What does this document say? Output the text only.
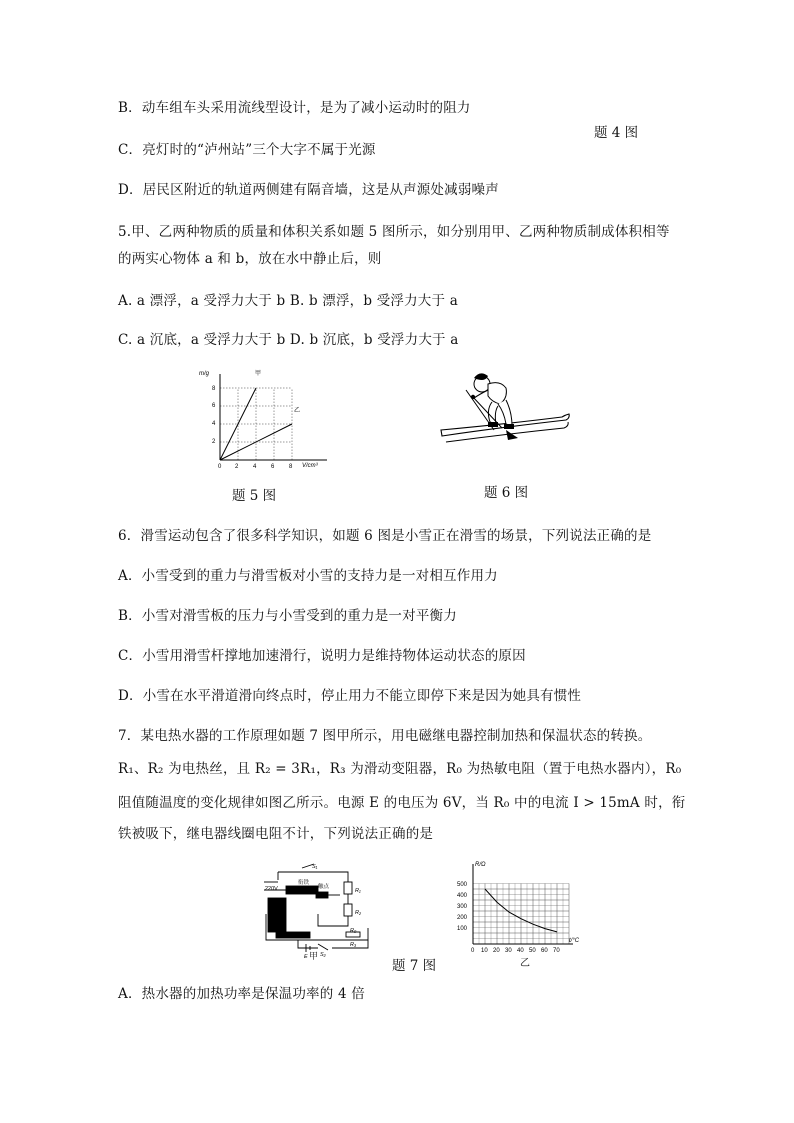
B．动车组车头采用流线型设计，是为了减小运动时的阻力
题 4 图
C．亮灯时的“泸州站”三个大字不属于光源
D．居民区附近的轨道两侧建有隔音墙，这是从声源处减弱噪声
5.甲、乙两种物质的质量和体积关系如题 5 图所示，如分别用甲、乙两种物质制成体积相等
的两实心物体 a 和 b，放在水中静止后，则
A. a 漂浮，a 受浮力大于 b B. b 漂浮，b 受浮力大于 a
C. a 沉底，a 受浮力大于 b D. b 沉底，b 受浮力大于 a
m/g
V/cm³
8
6
4
2
0 2 4 6 8
甲
乙
题 5 图	题 6 图
6．滑雪运动包含了很多科学知识，如题 6 图是小雪正在滑雪的场景，下列说法正确的是
A．小雪受到的重力与滑雪板对小雪的支持力是一对相互作用力
B．小雪对滑雪板的压力与小雪受到的重力是一对平衡力
C．小雪用滑雪杆撑地加速滑行，说明力是维持物体运动状态的原因
D．小雪在水平滑道滑向终点时，停止用力不能立即停下来是因为她具有惯性
7．某电热水器的工作原理如题 7 图甲所示，用电磁继电器控制加热和保温状态的转换。
R₁、R₂ 为电热丝，且 R₂ = 3R₁，R₃ 为滑动变阻器，R₀ 为热敏电阻（置于电热水器内），R₀
阻值随温度的变化规律如图乙所示。电源 E 的电压为 6V，当 R₀ 中的电流 I > 15mA 时，衔
铁被吸下，继电器线圈电阻不计，下列说法正确的是
220V
衔铁
触点
R₁
R₂
S₁
S₂
R₀
R₃
E 甲
R/Ω
t/°C
500
400
300
200
100
0 10 20 30 40 50 60 70
乙
题 7 图
A．热水器的加热功率是保温功率的 4 倍
